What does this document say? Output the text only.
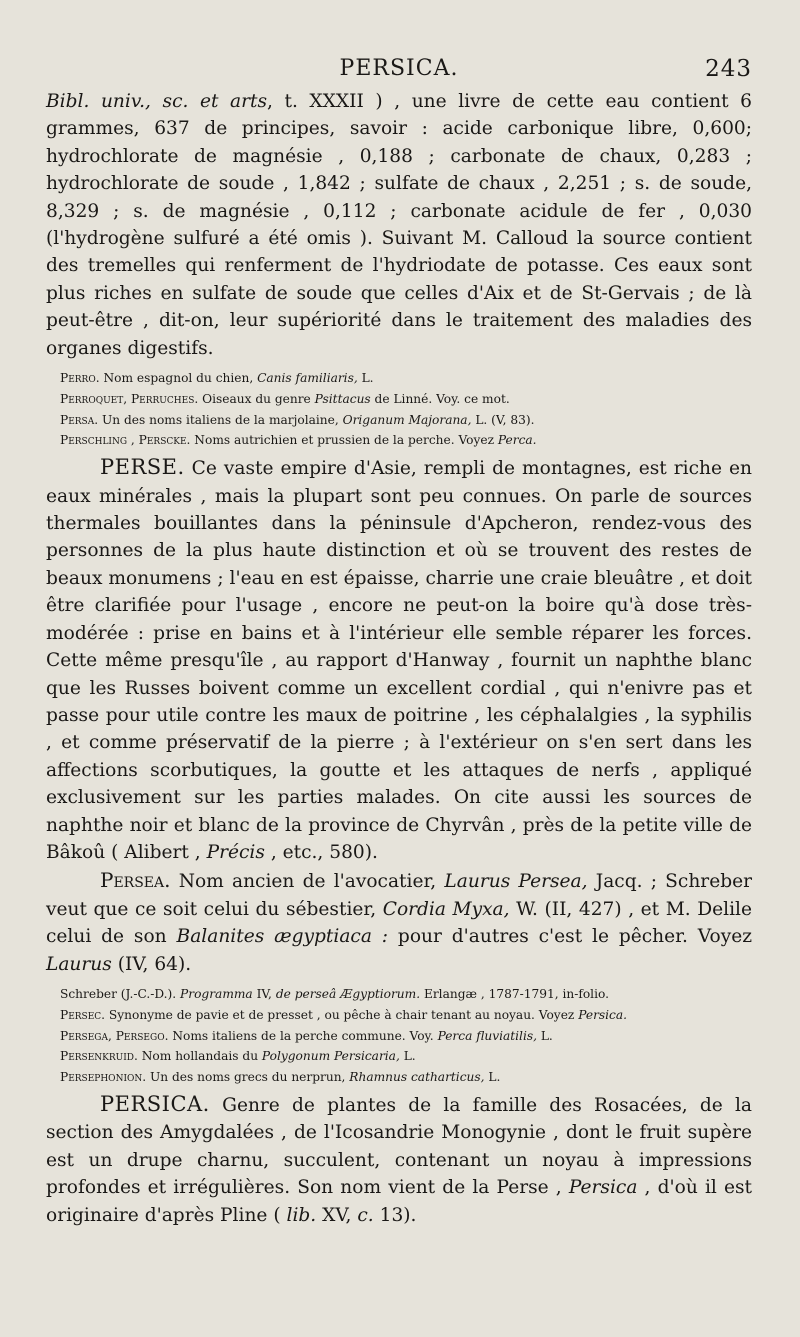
PERSICA.	243

Bibl. univ., sc. et arts, t. XXXII ) , une livre de cette eau contient 6 grammes, 637 de principes, savoir : acide carbonique libre, 0,600; hydrochlorate de magnésie , 0,188 ; carbonate de chaux, 0,283 ; hydrochlorate de soude , 1,842 ; sulfate de chaux , 2,251 ; s. de soude, 8,329 ; s. de magnésie , 0,112 ; carbonate acidule de fer , 0,030 (l'hydrogène sulfuré a été omis ). Suivant M. Calloud la source contient des tremelles qui renferment de l'hydriodate de potasse. Ces eaux sont plus riches en sulfate de soude que celles d'Aix et de St-Gervais ; de là peut-être , dit-on, leur supériorité dans le traitement des maladies des organes digestifs.

Perro. Nom espagnol du chien, Canis familiaris, L.

Perroquet, Perruches. Oiseaux du genre Psittacus de Linné. Voy. ce mot.

Persa. Un des noms italiens de la marjolaine, Origanum Majorana, L. (V, 83).

Perschling , Perscke. Noms autrichien et prussien de la perche. Voyez Perca.

PERSE. Ce vaste empire d'Asie, rempli de montagnes, est riche en eaux minérales , mais la plupart sont peu connues. On parle de sources thermales bouillantes dans la péninsule d'Apcheron, rendez-vous des personnes de la plus haute distinction et où se trouvent des restes de beaux monumens ; l'eau en est épaisse, charrie une craie bleuâtre , et doit être clarifiée pour l'usage , encore ne peut-on la boire qu'à dose très-modérée : prise en bains et à l'intérieur elle semble réparer les forces. Cette même presqu'île , au rapport d'Hanway , fournit un naphthe blanc que les Russes boivent comme un excellent cordial , qui n'enivre pas et passe pour utile contre les maux de poitrine , les céphalalgies , la syphilis , et comme préservatif de la pierre ; à l'extérieur on s'en sert dans les affections scorbutiques, la goutte et les attaques de nerfs , appliqué exclusivement sur les parties malades. On cite aussi les sources de naphthe noir et blanc de la province de Chyrvân , près de la petite ville de Bâkoû ( Alibert , Précis , etc., 580).

Persea. Nom ancien de l'avocatier, Laurus Persea, Jacq. ; Schreber veut que ce soit celui du sébestier, Cordia Myxa, W. (II, 427) , et M. Delile celui de son Balanites ægyptiaca : pour d'autres c'est le pêcher. Voyez Laurus (IV, 64).

Schreber (J.-C.-D.). Programma IV, de perseâ Ægyptiorum. Erlangæ , 1787-1791, in-folio.

Persec. Synonyme de pavie et de presset , ou pêche à chair tenant au noyau. Voyez Persica.

Persega, Persego. Noms italiens de la perche commune. Voy. Perca fluviatilis, L.

Persenkruid. Nom hollandais du Polygonum Persicaria, L.

Persephonion. Un des noms grecs du nerprun, Rhamnus catharticus, L.

PERSICA. Genre de plantes de la famille des Rosacées, de la section des Amygdalées , de l'Icosandrie Monogynie , dont le fruit supère est un drupe charnu, succulent, contenant un noyau à impressions profondes et irrégulières. Son nom vient de la Perse , Persica , d'où il est originaire d'après Pline ( lib. XV, c. 13).
